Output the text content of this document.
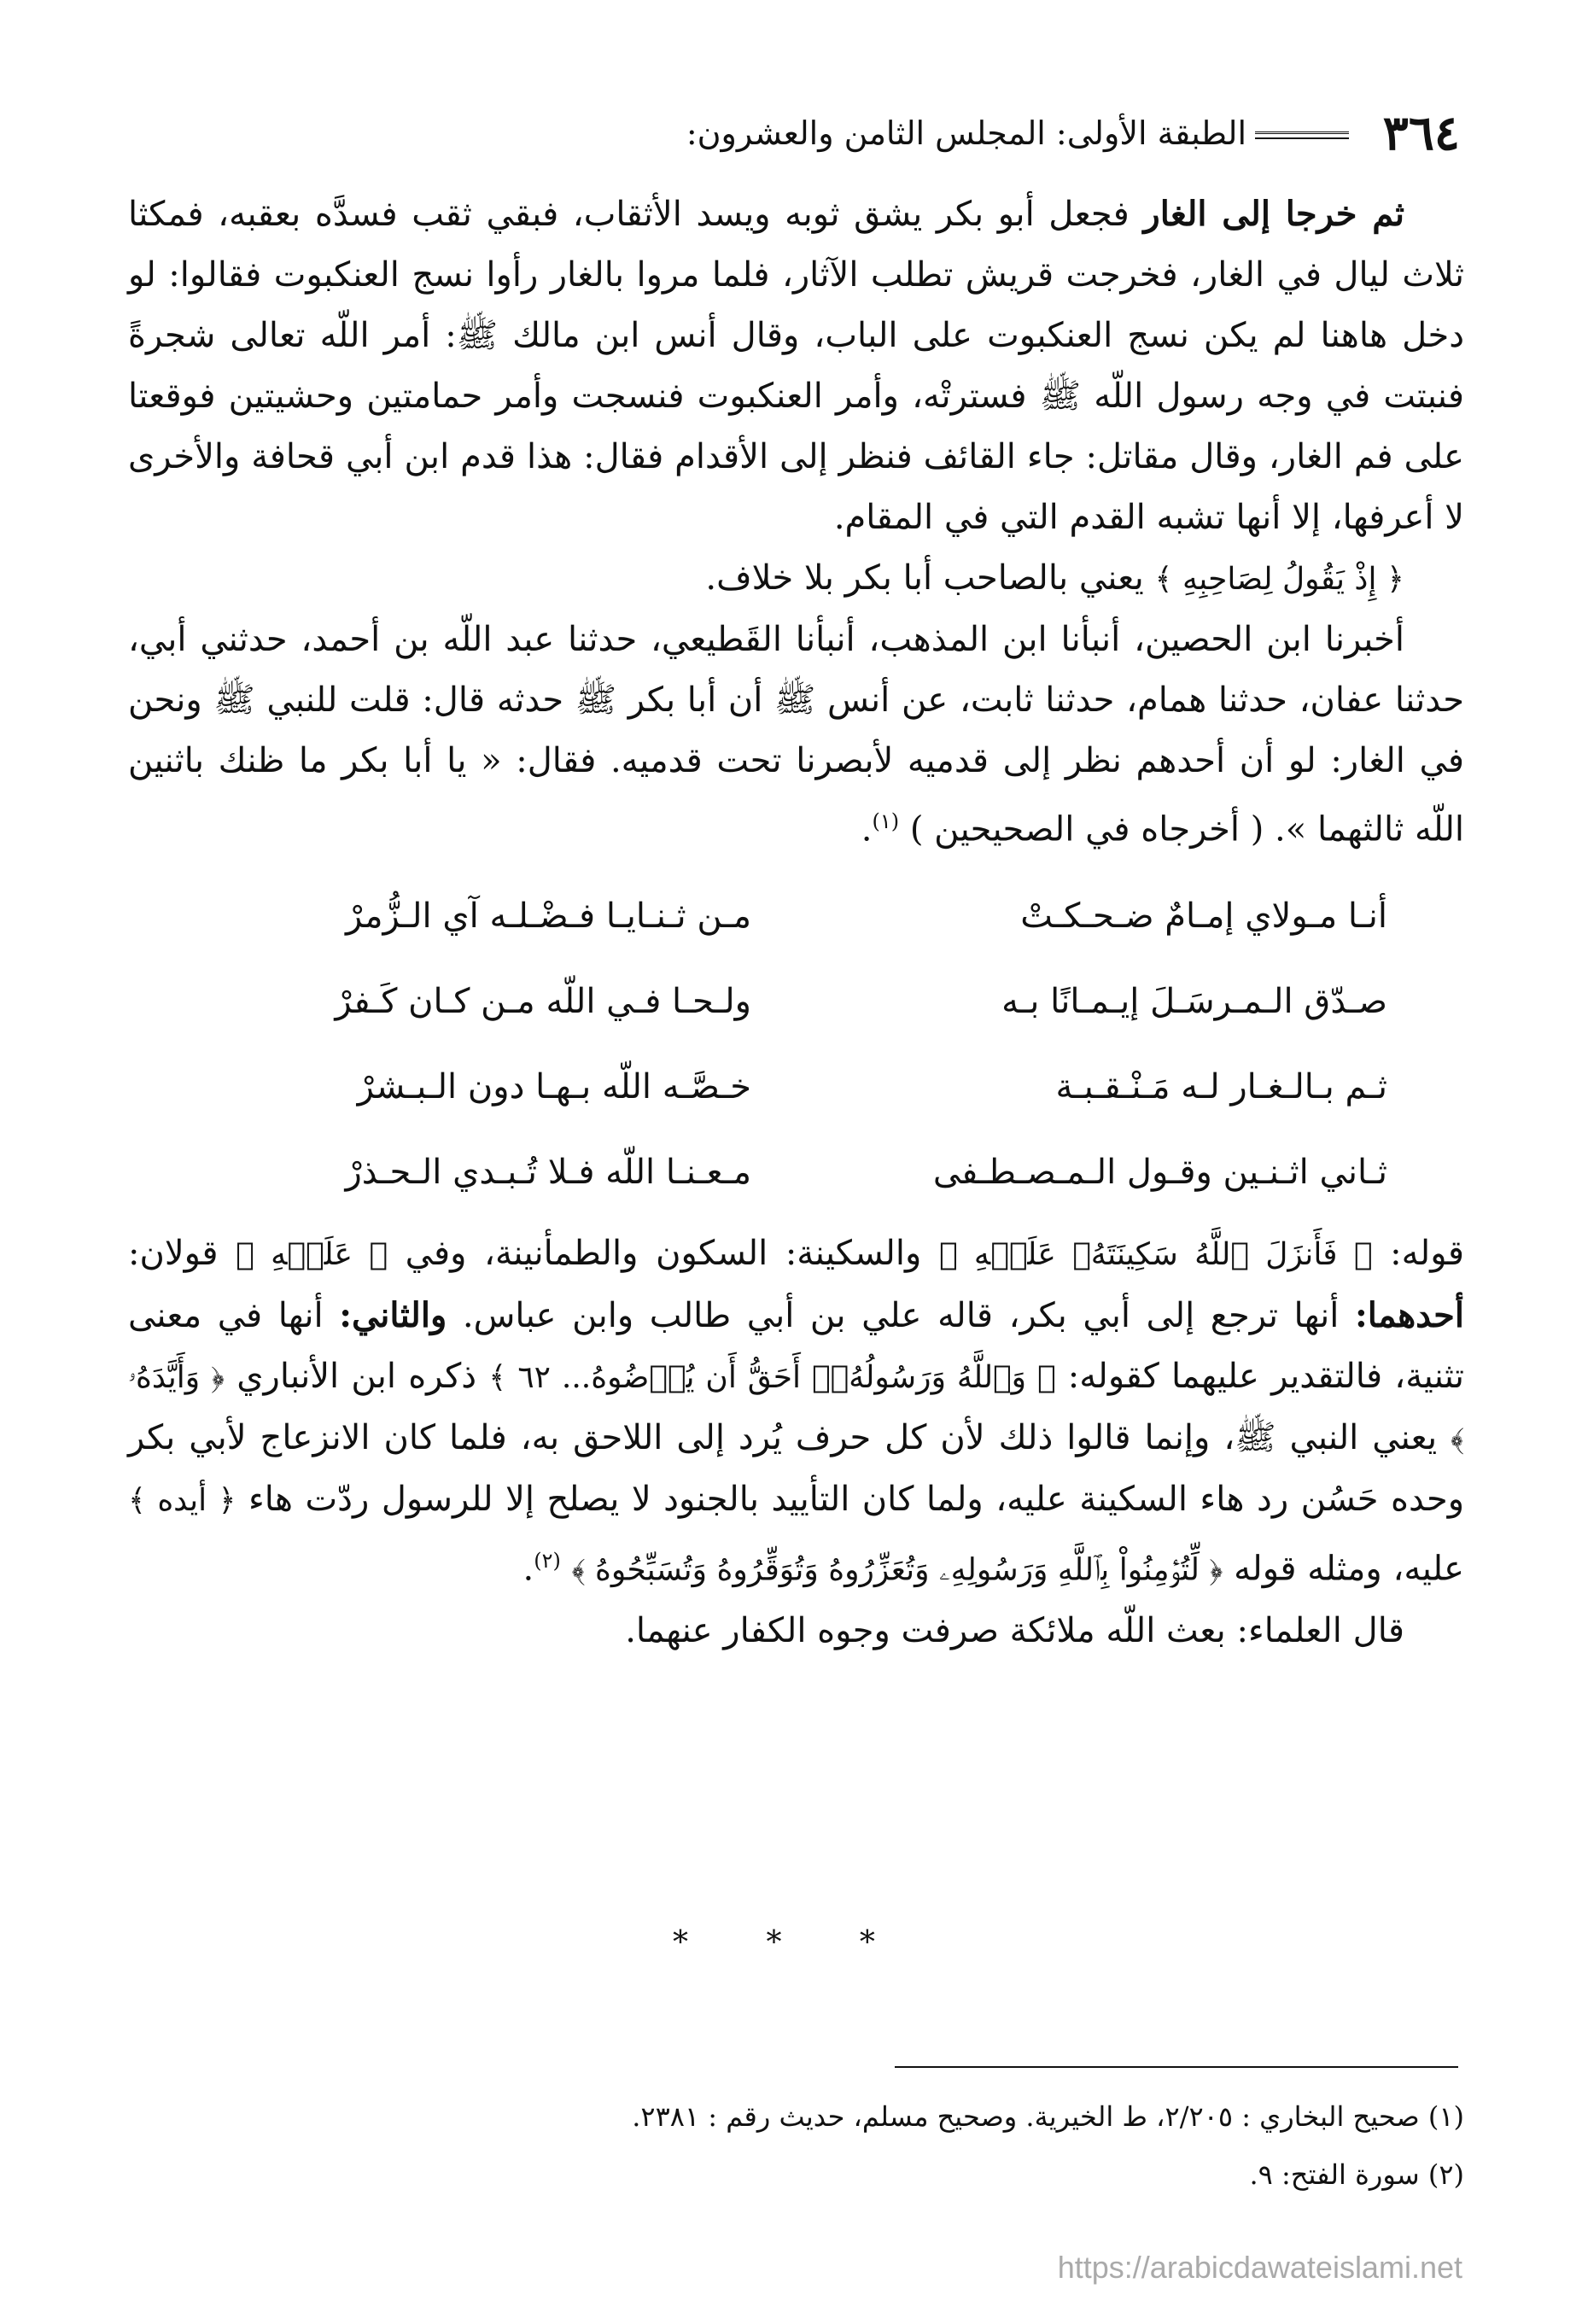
٣٦٤
الطبقة الأولى: المجلس الثامن والعشرون:

ثم خرجا إلى الغار فجعل أبو بكر يشق ثوبه ويسد الأثقاب، فبقي ثقب فسدَّه بعقبه، فمكثا ثلاث ليال في الغار، فخرجت قريش تطلب الآثار، فلما مروا بالغار رأوا نسج العنكبوت فقالوا: لو دخل هاهنا لم يكن نسج العنكبوت على الباب، وقال أنس ابن مالك ﷺ: أمر اللّه تعالى شجرةً فنبتت في وجه رسول اللّه ﷺ فسترتْه، وأمر العنكبوت فنسجت وأمر حمامتين وحشيتين فوقعتا على فم الغار، وقال مقاتل: جاء القائف فنظر إلى الأقدام فقال: هذا قدم ابن أبي قحافة والأخرى لا أعرفها، إلا أنها تشبه القدم التي في المقام.

﴿ إِذْ يَقُولُ لِصَاحِبِهِ ﴾ يعني بالصاحب أبا بكر بلا خلاف.

أخبرنا ابن الحصين، أنبأنا ابن المذهب، أنبأنا القَطيعي، حدثنا عبد اللّه بن أحمد، حدثني أبي، حدثنا عفان، حدثنا همام، حدثنا ثابت، عن أنس ﷺ أن أبا بكر ﷺ حدثه قال: قلت للنبي ﷺ ونحن في الغار: لو أن أحدهم نظر إلى قدميه لأبصرنا تحت قدميه. فقال: « يا أبا بكر ما ظنك باثنين اللّه ثالثهما ». ( أخرجاه في الصحيحين ) $^{(١)}$.

أنـا مـولاي إمـامٌ ضـحـكـتْ
مـن ثـنـايـا فـضْـلـه آي الـزُّمرْ
صـدّق الـمـرسَـلَ إيـمـانًا بـه
ولـحـا فـي اللّه مـن كـان كَـفرْ
ثـم بـالـغـار لـه مَـنْـقـبـة
خـصَّـه اللّه بـهـا دون الـبـشرْ
ثـاني اثـنـين وقـول الـمـصـطـفى
مـعـنـا اللّه فـلا تُـبـدي الـحـذرْ

قوله: ﴿ فَأَنزَلَ ٱللَّهُ سَكِينَتَهُۥ عَلَيۡهِ ﴾ والسكينة: السكون والطمأنينة، وفي ﴿ عَلَيۡهِ ﴾ قولان: أحدهما: أنها ترجع إلى أبي بكر، قاله علي بن أبي طالب وابن عباس. والثاني: أنها في معنى تثنية، فالتقدير عليهما كقوله: ﴿ وَٱللَّهُ وَرَسُولُهُۥٓ أَحَقُّ أَن يُرۡضُوهُ... ٦٢ ﴾ ذكره ابن الأنباري ﴿ وَأَيَّدَهُۥ ﴾ يعني النبي ﷺ، وإنما قالوا ذلك لأن كل حرف يُرد إلى اللاحق به، فلما كان الانزعاج لأبي بكر وحده حَسُن رد هاء السكينة عليه، ولما كان التأييد بالجنود لا يصلح إلا للرسول ردّت هاء ﴿ أيده ﴾ عليه، ومثله قوله ﴿ لِّتُؤۡمِنُواْ بِٱللَّهِ وَرَسُولِهِۦ وَتُعَزِّرُوهُ وَتُوَقِّرُوهُ وَتُسَبِّحُوهُ ﴾ $^{(٢)}$.

قال العلماء: بعث اللّه ملائكة صرفت وجوه الكفار عنهما.

* * *
(١) صحيح البخاري : ٢/٢٠٥، ط الخيرية. وصحيح مسلم، حديث رقم : ٢٣٨١.
(٢) سورة الفتح: ٩.
https://arabicdawateislami.net
